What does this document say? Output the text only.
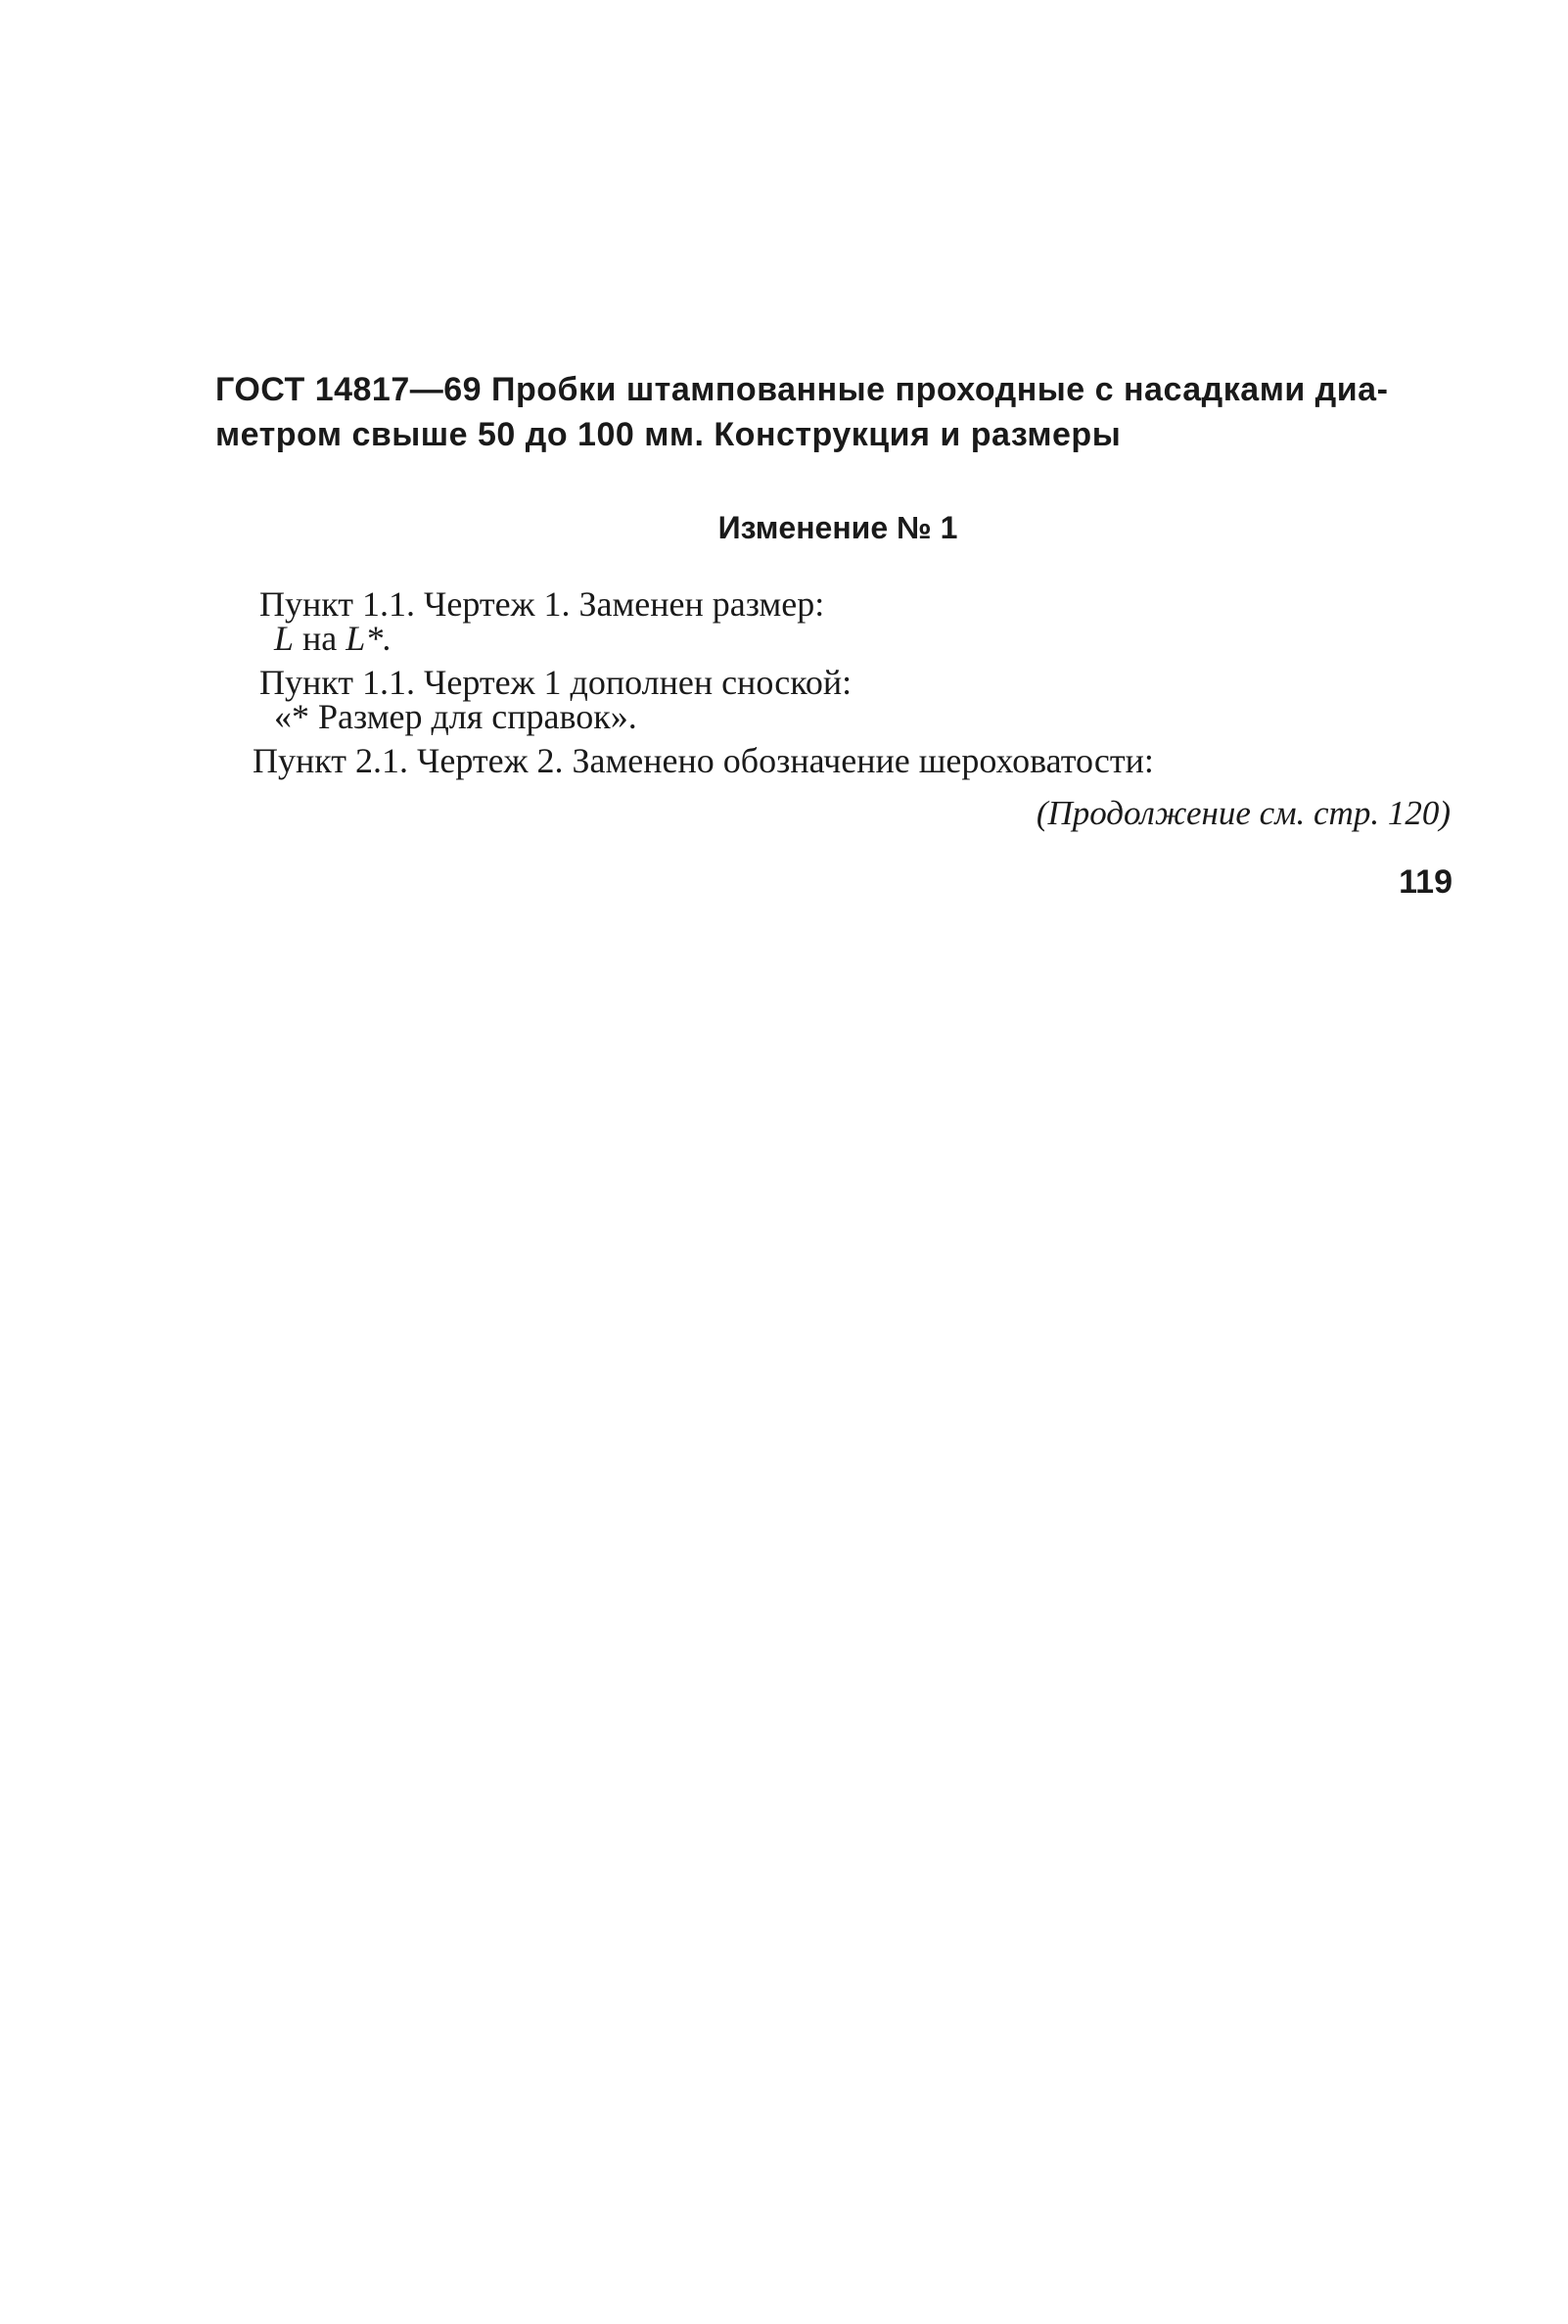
ГОСТ 14817—69 Пробки штампованные проходные с насадками диа-
метром свыше 50 до 100 мм. Конструкция и размеры
Изменение № 1
Пункт 1.1. Чертеж 1. Заменен размер:
L на L*.
Пункт 1.1. Чертеж 1 дополнен сноской:
«* Размер для справок».
Пункт 2.1. Чертеж 2. Заменено обозначение шероховатости:
(Продолжение см. стр. 120)
119
